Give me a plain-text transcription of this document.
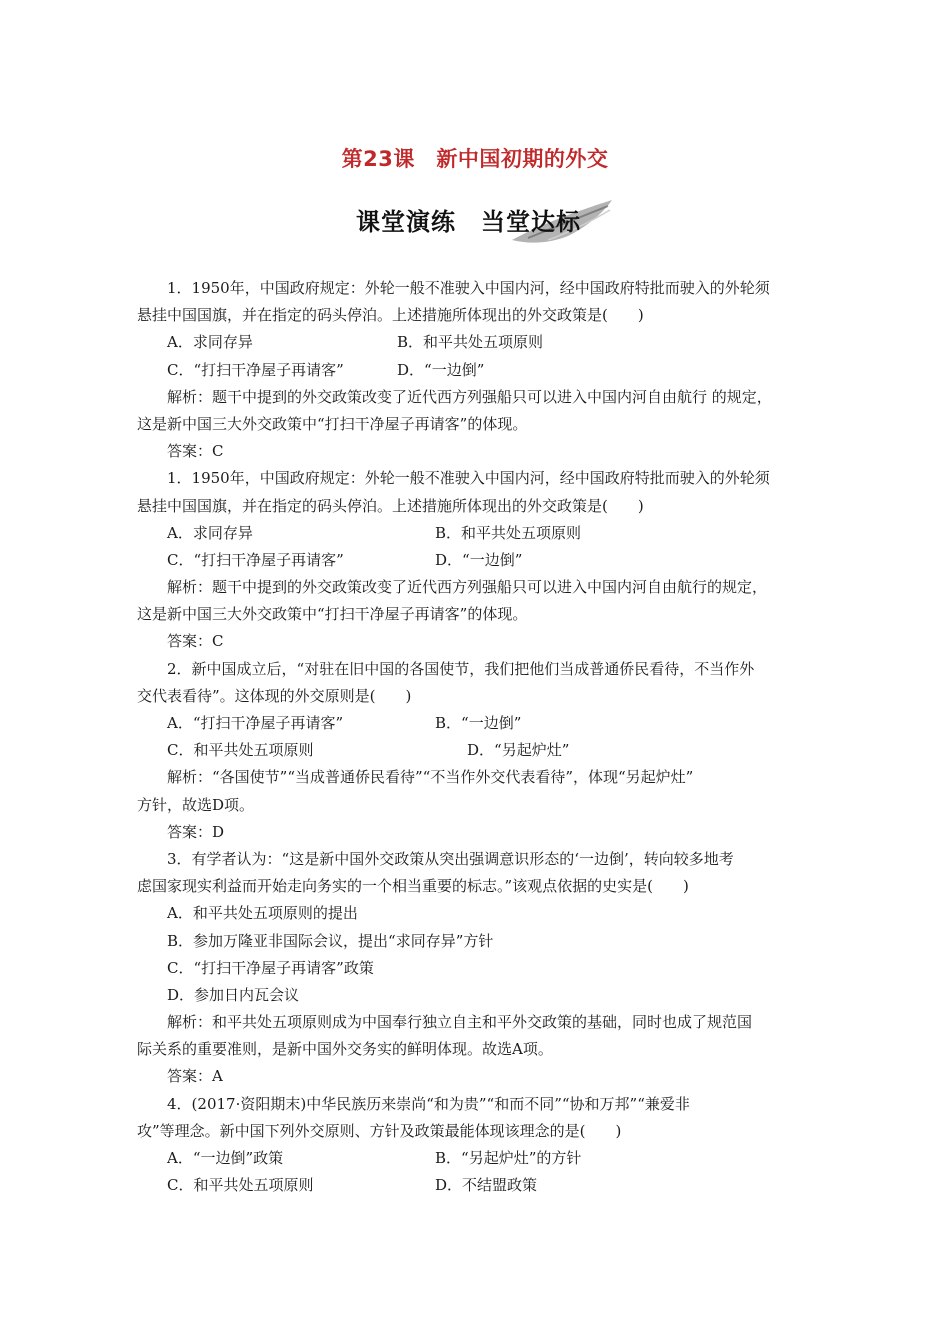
第23课　新中国初期的外交
课堂演练　当堂达标
1．1950年，中国政府规定：外轮一般不准驶入中国内河，经中国政府特批而驶入的外轮须
悬挂中国国旗，并在指定的码头停泊。上述措施所体现出的外交政策是(　　)
A．求同存异	B．和平共处五项原则
C．“打扫干净屋子再请客”	D．“一边倒”
解析：题干中提到的外交政策改变了近代西方列强船只可以进入中国内河自由航行 的规定，
这是新中国三大外交政策中“打扫干净屋子再请客”的体现。
答案：C
1．1950年，中国政府规定：外轮一般不准驶入中国内河，经中国政府特批而驶入的外轮须
悬挂中国国旗，并在指定的码头停泊。上述措施所体现出的外交政策是(　　)
A．求同存异	B．和平共处五项原则
C．“打扫干净屋子再请客”	D．“一边倒”
解析：题干中提到的外交政策改变了近代西方列强船只可以进入中国内河自由航行的规定，
这是新中国三大外交政策中“打扫干净屋子再请客”的体现。
答案：C
2．新中国成立后，“对驻在旧中国的各国使节，我们把他们当成普通侨民看待，不当作外
交代表看待”。这体现的外交原则是(　　)
A．“打扫干净屋子再请客”	B．“一边倒”
C．和平共处五项原则	D．“另起炉灶”
解析：“各国使节”“当成普通侨民看待”“不当作外交代表看待”，体现“另起炉灶”
方针，故选D项。
答案：D
3．有学者认为：“这是新中国外交政策从突出强调意识形态的‘一边倒’，转向较多地考
虑国家现实利益而开始走向务实的一个相当重要的标志。”该观点依据的史实是(　　)
A．和平共处五项原则的提出
B．参加万隆亚非国际会议，提出“求同存异”方针
C．“打扫干净屋子再请客”政策
D．参加日内瓦会议
解析：和平共处五项原则成为中国奉行独立自主和平外交政策的基础，同时也成了规范国
际关系的重要准则，是新中国外交务实的鲜明体现。故选A项。
答案：A
4．(2017·资阳期末)中华民族历来崇尚“和为贵”“和而不同”“协和万邦”“兼爱非
攻”等理念。新中国下列外交原则、方针及政策最能体现该理念的是(　　)
A．“一边倒”政策	B．“另起炉灶”的方针
C．和平共处五项原则	D．不结盟政策
